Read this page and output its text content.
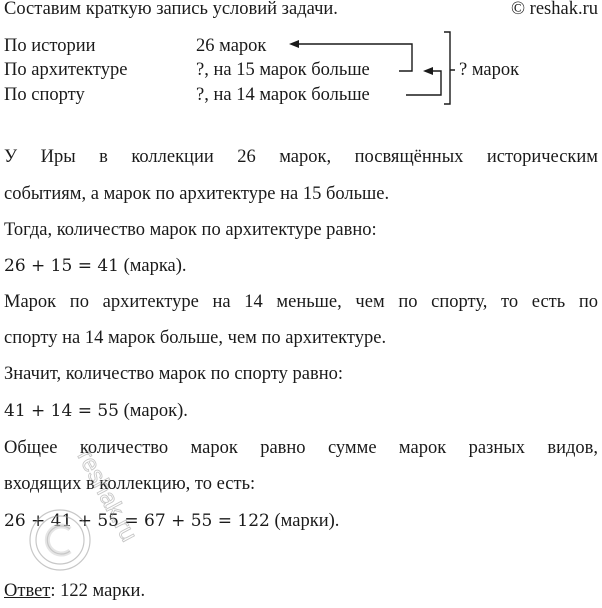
Составим краткую запись условий задачи.	© reshak.ru
По истории	26 марок
По архитектуре	?, на 15 марок больше
По спорту	?, на 14 марок больше
? марок
У Иры в коллекции 26 марок, посвящённых историческим
событиям, а марок по архитектуре на 15 больше.
Тогда, количество марок по архитектуре равно:
26 + 15 = 41 (марка).
Марок по архитектуре на 14 меньше, чем по спорту, то есть по
спорту на 14 марок больше, чем по архитектуре.
Значит, количество марок по спорту равно:
41 + 14 = 55 (марок).
Общее количество марок равно сумме марок разных видов,
входящих в коллекцию, то есть:
26 + 41 + 55 = 67 + 55 = 122 (марки).
Ответ: 122 марки.
reshak.ru
